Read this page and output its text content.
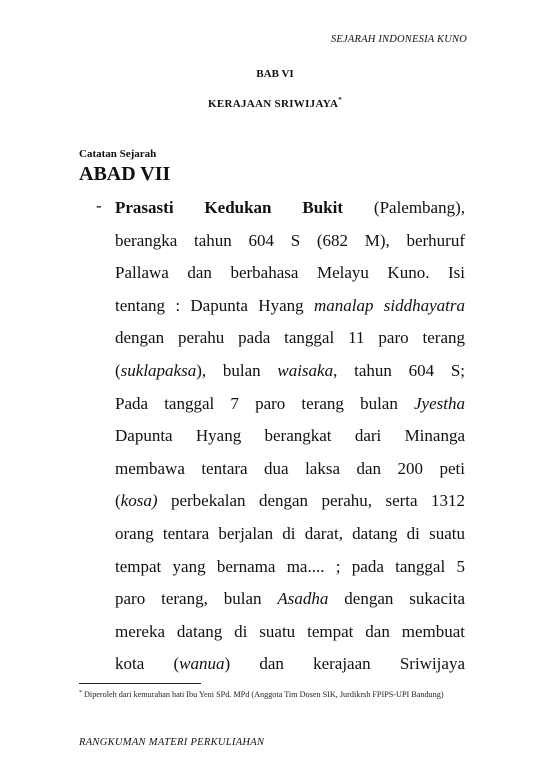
SEJARAH INDONESIA KUNO
BAB VI
KERAJAAN SRIWIJAYA*
Catatan Sejarah
ABAD VII
- Prasasti Kedukan Bukit (Palembang),
berangka tahun 604 S (682 M), berhuruf
Pallawa dan berbahasa Melayu Kuno. Isi
tentang : Dapunta Hyang manalap siddhayatra
dengan perahu pada tanggal 11 paro terang
(suklapaksa), bulan waisaka, tahun 604 S;
Pada tanggal 7 paro terang bulan Jyestha
Dapunta Hyang berangkat dari Minanga
membawa tentara dua laksa dan 200 peti
(kosa) perbekalan dengan perahu, serta 1312
orang tentara berjalan di darat, datang di suatu
tempat yang bernama ma.... ; pada tanggal 5
paro terang, bulan Asadha dengan sukacita
mereka datang di suatu tempat dan membuat
kota (wanua) dan kerajaan Sriwijaya
* Diperoleh dari kemurahan hati Ibu Yeni SPd. MPd (Anggota Tim Dosen SIK, Jurdikrsh FPIPS-UPI Bandung)
RANGKUMAN MATERI PERKULIAHAN
